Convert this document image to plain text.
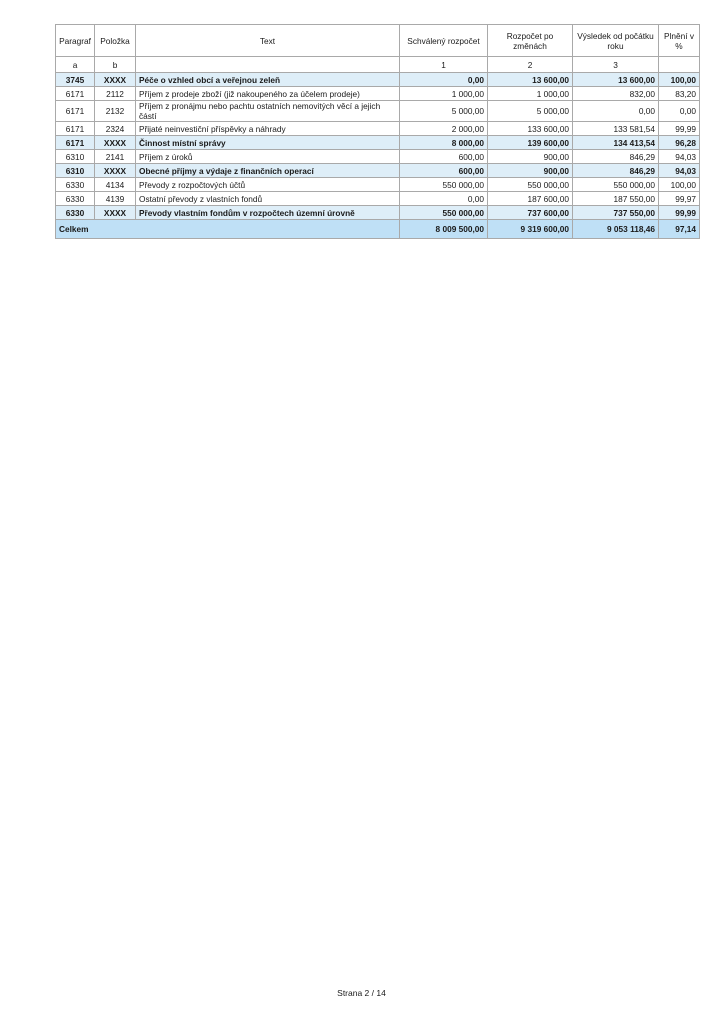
Paragraf	Položka	Text	Schválený rozpočet	Rozpočet po změnách	Výsledek od počátku roku	Plnění v %
a	b		1	2	3	
3745	XXXX	Péče o vzhled obcí a veřejnou zeleň	0,00	13 600,00	13 600,00	100,00
6171	2112	Příjem z prodeje zboží (již nakoupeného za účelem prodeje)	1 000,00	1 000,00	832,00	83,20
6171	2132	Příjem z pronájmu nebo pachtu ostatních nemovitých věcí a jejich částí	5 000,00	5 000,00	0,00	0,00
6171	2324	Přijaté neinvestiční příspěvky a náhrady	2 000,00	133 600,00	133 581,54	99,99
6171	XXXX	Činnost místní správy	8 000,00	139 600,00	134 413,54	96,28
6310	2141	Příjem z úroků	600,00	900,00	846,29	94,03
6310	XXXX	Obecné příjmy a výdaje z finančních operací	600,00	900,00	846,29	94,03
6330	4134	Převody z rozpočtových účtů	550 000,00	550 000,00	550 000,00	100,00
6330	4139	Ostatní převody z vlastních fondů	0,00	187 600,00	187 550,00	99,97
6330	XXXX	Převody vlastním fondům v rozpočtech územní úrovně	550 000,00	737 600,00	737 550,00	99,99
Celkem			8 009 500,00	9 319 600,00	9 053 118,46	97,14
Strana 2 / 14
